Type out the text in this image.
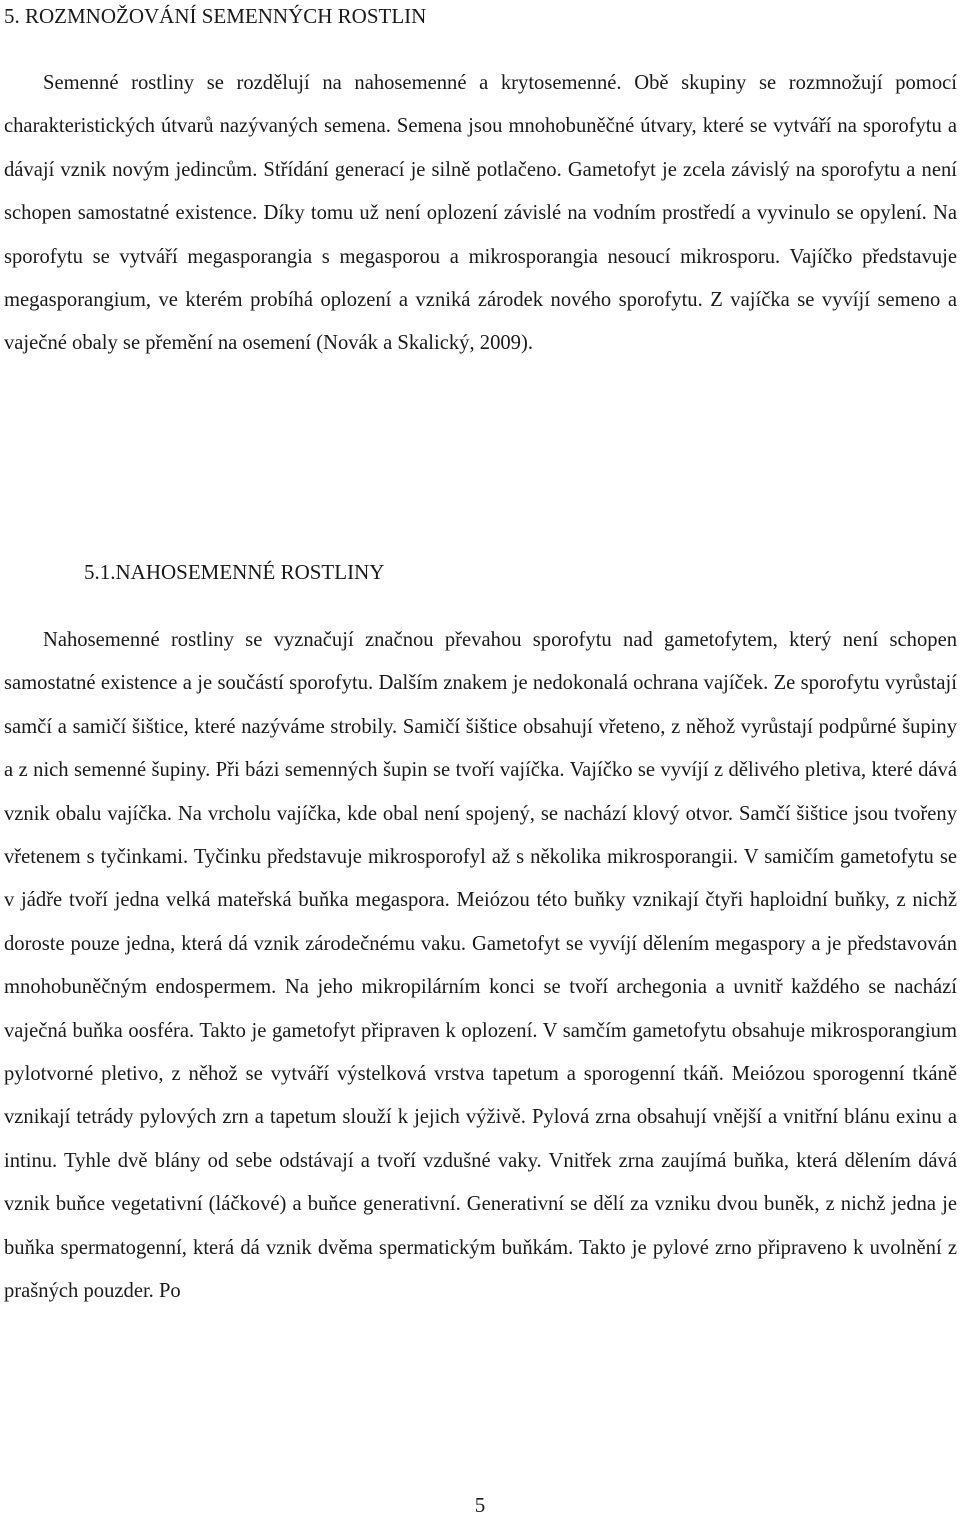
5. ROZMNOŽOVÁNÍ SEMENNÝCH ROSTLIN

Semenné rostliny se rozdělují na nahosemenné a krytosemenné. Obě skupiny se rozmnožují pomocí charakteristických útvarů nazývaných semena. Semena jsou mnohobuněčné útvary, které se vytváří na sporofytu a dávají vznik novým jedincům. Střídání generací je silně potlačeno. Gametofyt je zcela závislý na sporofytu a není schopen samostatné existence. Díky tomu už není oplození závislé na vodním prostředí a vyvinulo se opylení. Na sporofytu se vytváří megasporangia s megasporou a mikrosporangia nesoucí mikrosporu. Vajíčko představuje megasporangium, ve kterém probíhá oplození a vzniká zárodek nového sporofytu. Z vajíčka se vyvíjí semeno a vaječné obaly se přemění na osemení (Novák a Skalický, 2009).

5.1.NAHOSEMENNÉ ROSTLINY

Nahosemenné rostliny se vyznačují značnou převahou sporofytu nad gametofytem, který není schopen samostatné existence a je součástí sporofytu. Dalším znakem je nedokonalá ochrana vajíček. Ze sporofytu vyrůstají samčí a samičí šištice, které nazýváme strobily. Samičí šištice obsahují vřeteno, z něhož vyrůstají podpůrné šupiny a z nich semenné šupiny. Při bázi semenných šupin se tvoří vajíčka. Vajíčko se vyvíjí z dělivého pletiva, které dává vznik obalu vajíčka. Na vrcholu vajíčka, kde obal není spojený, se nachází klový otvor. Samčí šištice jsou tvořeny vřetenem s tyčinkami. Tyčinku představuje mikrosporofyl až s několika mikrosporangii. V samičím gametofytu se v jádře tvoří jedna velká mateřská buňka megaspora. Meiózou této buňky vznikají čtyři haploidní buňky, z nichž doroste pouze jedna, která dá vznik zárodečnému vaku. Gametofyt se vyvíjí dělením megaspory a je představován mnohobuněčným endospermem. Na jeho mikropilárním konci se tvoří archegonia a uvnitř každého se nachází vaječná buňka oosféra. Takto je gametofyt připraven k oplození. V samčím gametofytu obsahuje mikrosporangium pylotvorné pletivo, z něhož se vytváří výstelková vrstva tapetum a sporogenní tkáň. Meiózou sporogenní tkáně vznikají tetrády pylových zrn a tapetum slouží k jejich výživě. Pylová zrna obsahují vnější a vnitřní blánu exinu a intinu. Tyhle dvě blány od sebe odstávají a tvoří vzdušné vaky. Vnitřek zrna zaujímá buňka, která dělením dává vznik buňce vegetativní (láčkové) a buňce generativní. Generativní se dělí za vzniku dvou buněk, z nichž jedna je buňka spermatogenní, která dá vznik dvěma spermatickým buňkám. Takto je pylové zrno připraveno k uvolnění z prašných pouzder. Po

5
